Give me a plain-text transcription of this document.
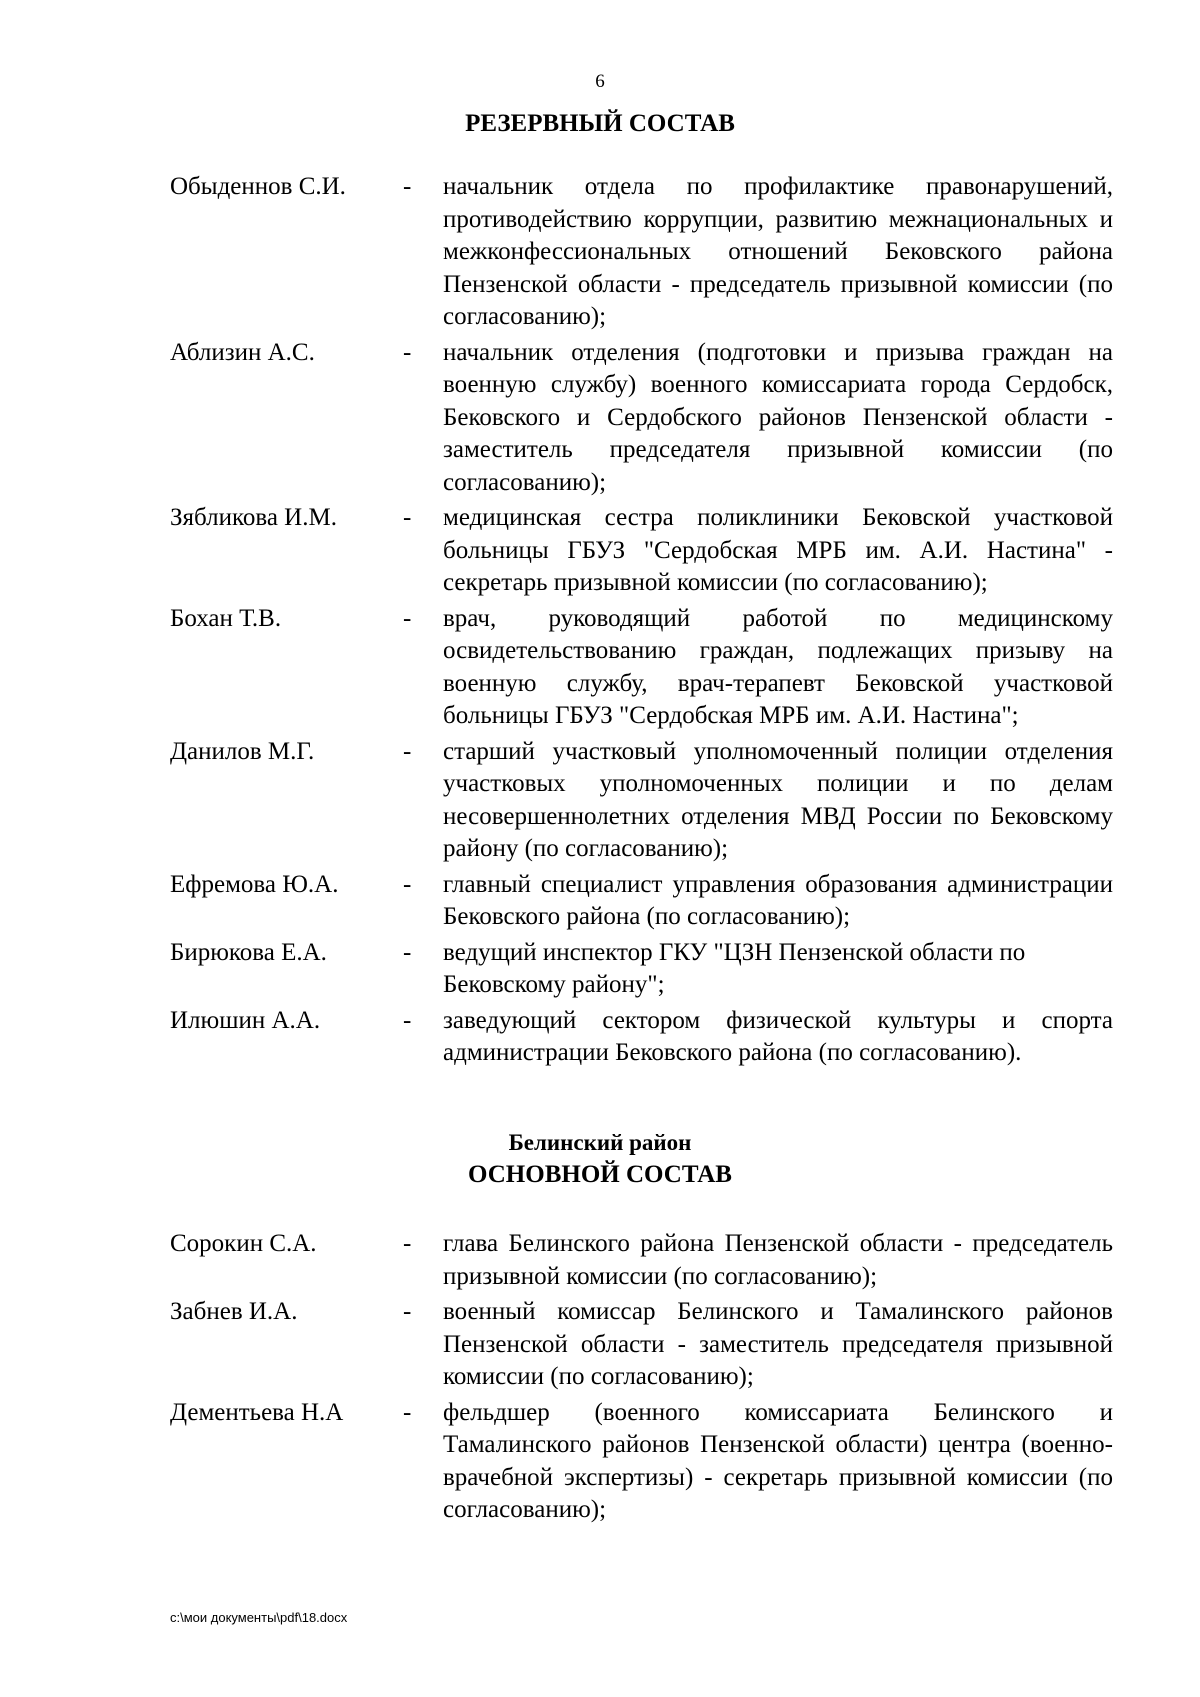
6
РЕЗЕРВНЫЙ СОСТАВ
Обыденнов С.И.	-	начальник отдела по профилактике правонарушений, противодействию коррупции, развитию межнациональных и межконфессиональных отношений Бековского района Пензенской области - председатель призывной комиссии (по согласованию);
Аблизин А.С.	-	начальник отделения (подготовки и призыва граждан на военную службу) военного комиссариата города Сердобск, Бековского и Сердобского районов Пензенской области - заместитель председателя призывной комиссии (по согласованию);
Зябликова И.М.	-	медицинская сестра поликлиники Бековской участковой больницы ГБУЗ "Сердобская МРБ им. А.И. Настина" - секретарь призывной комиссии (по согласованию);
Бохан Т.В.	-	врач, руководящий работой по медицинскому освидетельствованию граждан, подлежащих призыву на военную службу, врач-терапевт Бековской участковой больницы ГБУЗ "Сердобская МРБ им. А.И. Настина";
Данилов М.Г.	-	старший участковый уполномоченный полиции отделения участковых уполномоченных полиции и по делам несовершеннолетних отделения МВД России по Бековскому району (по согласованию);
Ефремова Ю.А.	-	главный специалист управления образования администрации Бековского района (по согласованию);
Бирюкова Е.А.	-	ведущий инспектор ГКУ "ЦЗН Пензенской области по Бековскому району";
Илюшин А.А.	-	заведующий сектором физической культуры и спорта администрации Бековского района (по согласованию).
Белинский район
ОСНОВНОЙ СОСТАВ
Сорокин С.А.	-	глава Белинского района Пензенской области - председатель призывной комиссии (по согласованию);
Забнев И.А.	-	военный комиссар Белинского и Тамалинского районов Пензенской области - заместитель председателя призывной комиссии (по согласованию);
Дементьева Н.А	-	фельдшер (военного комиссариата Белинского и Тамалинского районов Пензенской области) центра (военно-врачебной экспертизы) - секретарь призывной комиссии (по согласованию);
c:\мои документы\pdf\18.docx
